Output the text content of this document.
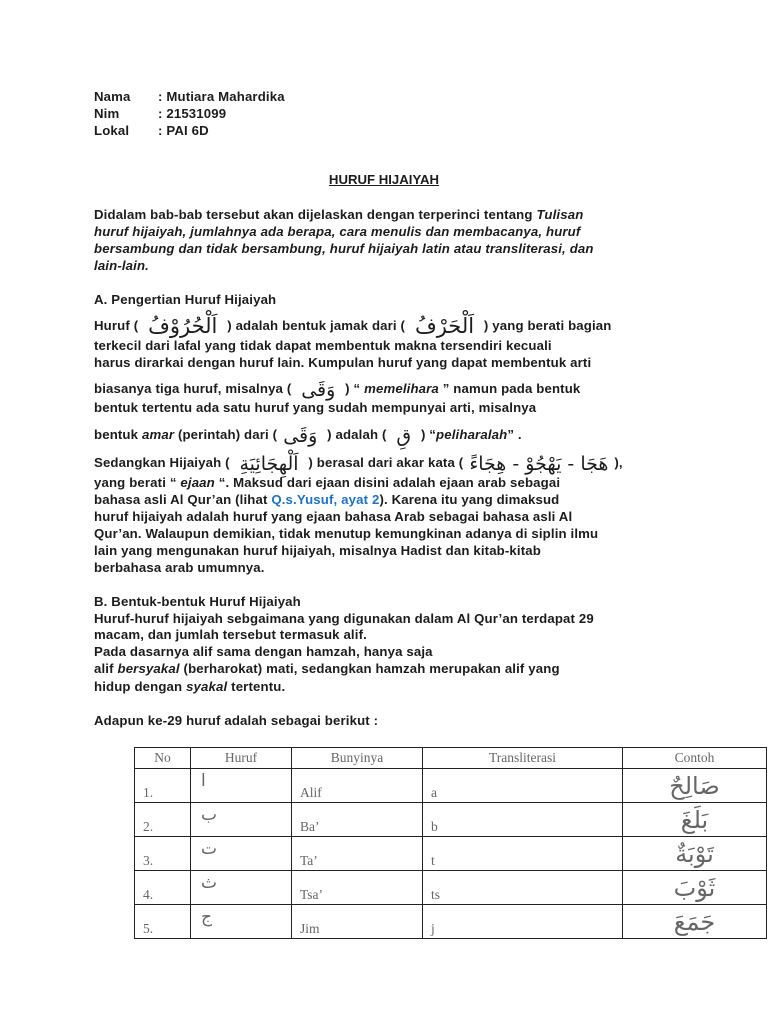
Nama : Mutiara Mahardika
Nim	: 21531099
Lokal : PAI 6D
HURUF HIJAIYAH
Didalam bab-bab tersebut akan dijelaskan dengan terperinci tentang Tulisan
huruf hijaiyah, jumlahnya ada berapa, cara menulis dan membacanya, huruf
bersambung dan tidak bersambung, huruf hijaiyah latin atau transliterasi, dan
lain-lain.
A. Pengertian Huruf Hijaiyah
Huruf ( اَلْحُرُوْفُ ) adalah bentuk jamak dari ( اَلْحَرْفُ ) yang berati bagian
terkecil dari lafal yang tidak dapat membentuk makna tersendiri kecuali
harus dirагkai dengan huruf lain. Kumpulan huruf yang dapat membentuk arti
biasanya tiga huruf, misalnya ( وَقَى ) “ memelihara ” namun pada bentuk
bentuk tertentu ada satu huruf yang sudah mempunyai arti, misalnya
bentuk amar (perintah) dari ( وَقَى ) adalah ( قِ ) “peliharalah” .
Sedangkan Hijaiyah ( اَلْهِجَائِيَةِ ) berasal dari akar kata ( هَجَا - يَهْجُوْ - هِجَاءً ),
yang berati “ ejaan “. Maksud dari ejaan disini adalah ejaan arab sebagai
bahasa asli Al Qur’an (lihat Q.s.Yusuf, ayat 2). Karena itu yang dimaksud
huruf hijaiyah adalah huruf yang ejaan bahasa Arab sebagai bahasa asli Al
Qur’an. Walaupun demikian, tidak menutup kemungkinan adanya di siplin ilmu
lain yang mengunakan huruf hijaiyah, misalnya Hadist dan kitab-kitab
berbahasa arab umumnya.
B. Bentuk-bentuk Huruf Hijaiyah
Huruf-huruf hijaiyah sebgaimana yang digunakan dalam Al Qur’an terdapat 29
macam, dan jumlah tersebut termasuk alif.
Pada dasarnya alif sama dengan hamzah, hanya saja
alif bersyakal (berharokat) mati, sedangkan hamzah merupakan alif yang
hidup dengan syakal tertentu.
Adapun ke-29 huruf adalah sebagai berikut :
No	Huruf	Bunyinya	Transliterasi	Contoh
1.	ا	Alif	a	صَالِحٌ
2.	ب	Ba’	b	بَلَغَ
3.	ت	Ta’	t	تَوْبَةٌ
4.	ث	Tsa’	ts	ثَوْبَ
5.	ج	Jim	j	جَمَعَ
